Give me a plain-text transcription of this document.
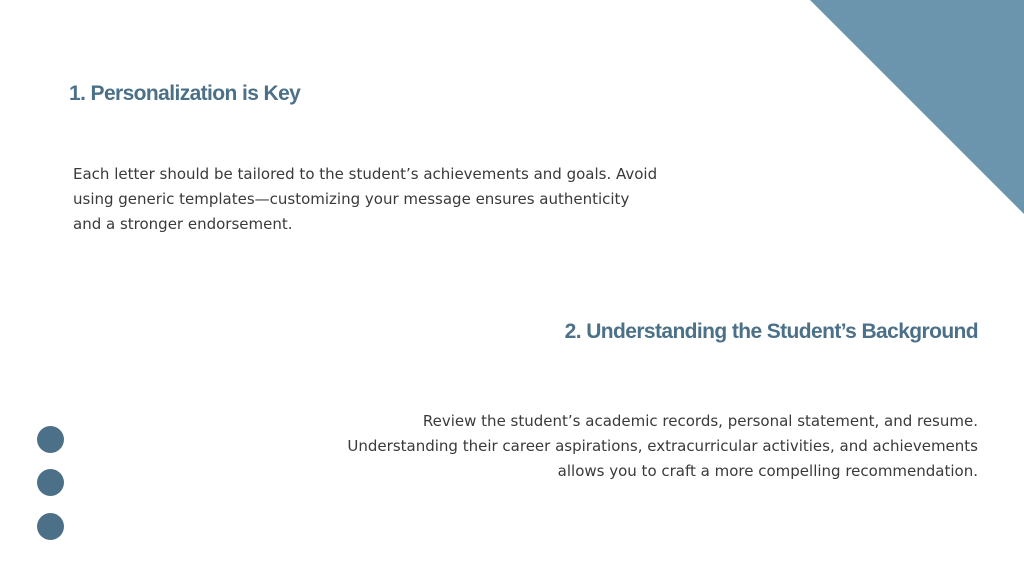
1. Personalization is Key

Each letter should be tailored to the student’s achievements and goals. Avoid
using generic templates—customizing your message ensures authenticity
and a stronger endorsement.

2. Understanding the Student’s Background

Review the student’s academic records, personal statement, and resume.
Understanding their career aspirations, extracurricular activities, and achievements
allows you to craft a more compelling recommendation.
